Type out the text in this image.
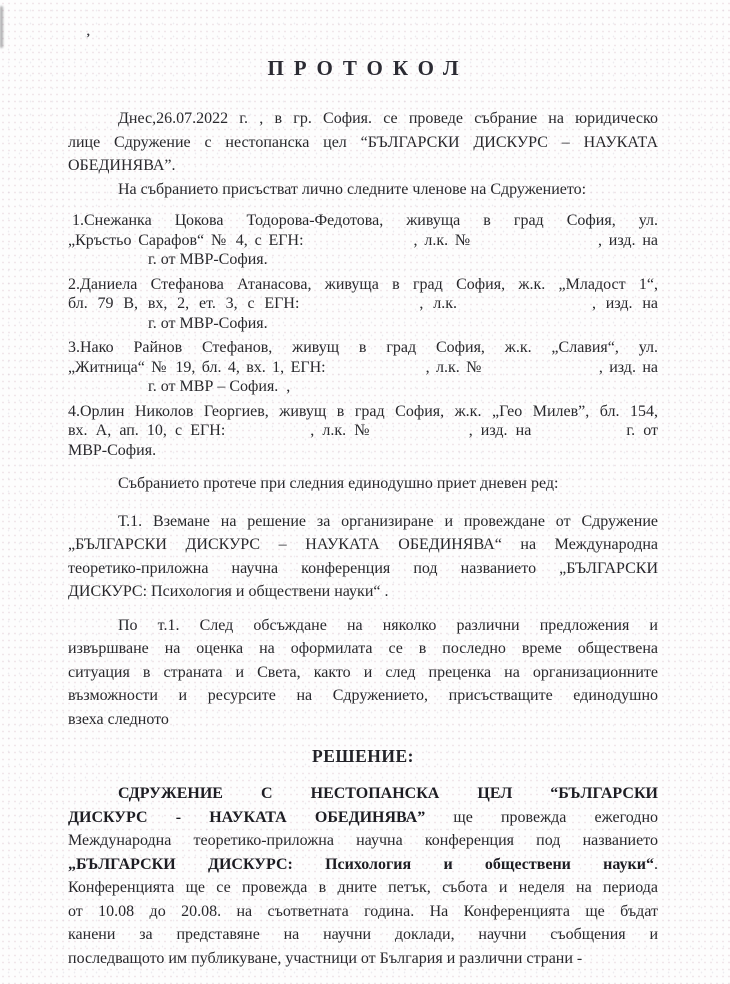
’
ПРОТОКОЛ
Днес,26.07.2022 г. , в гр. София. се проведе събрание на юридическо
лице Сдружение с нестопанска цел “БЪЛГАРСКИ ДИСКУРС – НАУКАТА
ОБЕДИНЯВА”.
На събранието присъстват лично следните членове на Сдружението:
1.Снежанка Цокова Тодорова-Федотова, живуща в град София, ул.
„Кръстьо Сарафов“ № 4, с ЕГН:	, л.к. №	, изд. на
г. от МВР-София.
2.Даниела Стефанова Атанасова, живуща в град София, ж.к. „Младост 1“,
бл. 79 В, вх, 2, ет. 3, с ЕГН:	, л.к.	, изд. на
г. от МВР-София.
3.Нако Райнов Стефанов, живущ в град София, ж.к. „Славия“, ул.
„Житница“ № 19, бл. 4, вх. 1, ЕГН:	, л.к. №	, изд. на
г. от МВР – София.  ,
4.Орлин Николов Георгиев, живущ в град София, ж.к. „Гео Милев”, бл. 154,
вх. А, ап. 10, с ЕГН:	, л.к. №	, изд. на	г. от
МВР-София.
Събранието протече при следния единодушно приет дневен ред:
Т.1. Вземане на решение за организиране и провеждане от Сдружение
„БЪЛГАРСКИ ДИСКУРС – НАУКАТА ОБЕДИНЯВА“ на Международна
теоретико-приложна научна конференция под названието „БЪЛГАРСКИ
ДИСКУРС: Психология и обществени науки“ .
По т.1. След обсъждане на няколко различни предложения и
извършване на оценка на оформилата се в последно време обществена
ситуация в страната и Света, както и след преценка на организационните
възможности и ресурсите на Сдружението, присъстващите единодушно
взеха следното
РЕШЕНИЕ:
СДРУЖЕНИЕ С НЕСТОПАНСКА ЦЕЛ “БЪЛГАРСКИ
ДИСКУРС - НАУКАТА ОБЕДИНЯВА” ще провежда ежегодно
Международна теоретико-приложна научна конференция под названието
„БЪЛГАРСКИ ДИСКУРС: Психология и обществени науки“.
Конференцията ще се провежда в дните петък, събота и неделя на периода
от 10.08 до 20.08. на съответната година. На Конференцията ще бъдат
канени за представяне на научни доклади, научни съобщения и
последващото им публикуване, участници от България и различни страни -
